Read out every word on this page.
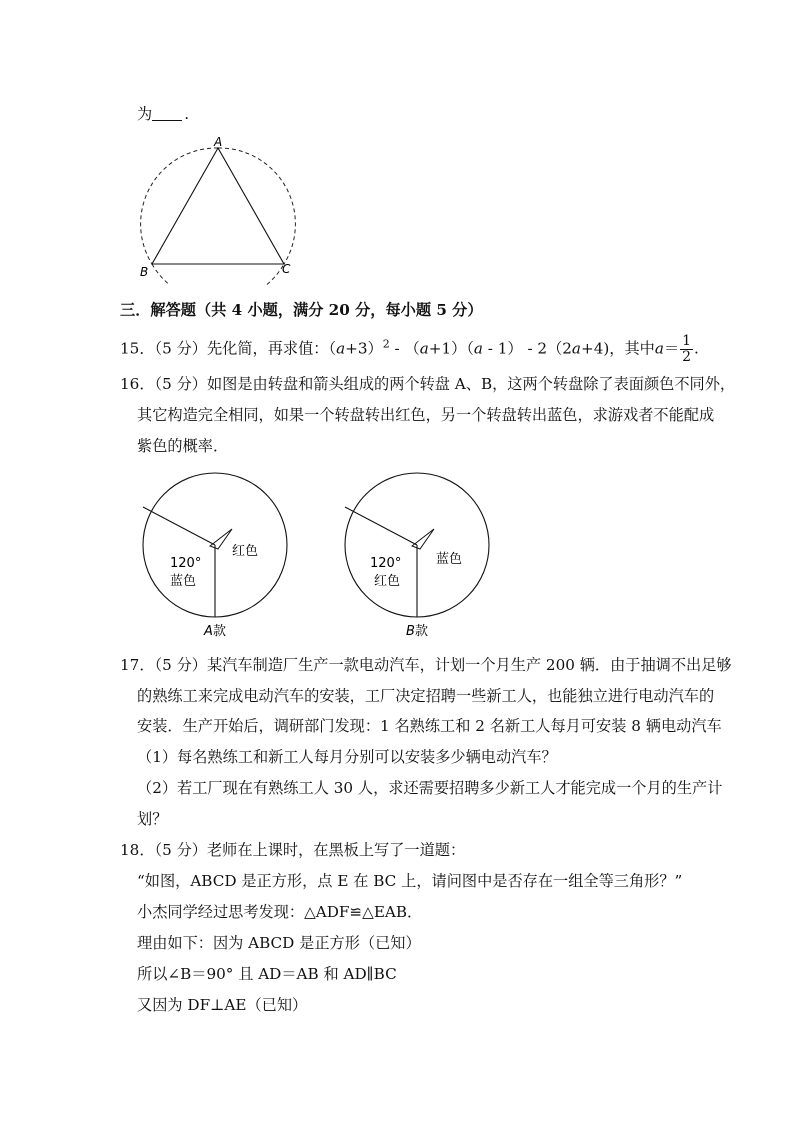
为 .
A
B	C
三．解答题（共 4 小题，满分 20 分，每小题 5 分）
15．（5 分）先化简，再求值：$(a+3)^2 - (a+1)(a - 1) - 2(2a+4)$，其中$a= \frac{1}{2}$ .
16．（5 分）如图是由转盘和箭头组成的两个转盘 A、B，这两个转盘除了表面颜色不同外，
其它构造完全相同，如果一个转盘转出红色，另一个转盘转出蓝色，求游戏者不能配成
紫色的概率．
红色
120°
蓝色
A 款
蓝色
120°
红色
B 款
17．（5 分）某汽车制造厂生产一款电动汽车，计划一个月生产 200 辆．由于抽调不出足够
的熟练工来完成电动汽车的安装，工厂决定招聘一些新工人，也能独立进行电动汽车的
安装．生产开始后，调研部门发现：1 名熟练工和 2 名新工人每月可安装 8 辆电动汽车
（1）每名熟练工和新工人每月分别可以安装多少辆电动汽车？
（2）若工厂现在有熟练工人 30 人，求还需要招聘多少新工人才能完成一个月的生产计
划？
18．（5 分）老师在上课时，在黑板上写了一道题：
“如图，ABCD 是正方形，点 E 在 BC 上，请问图中是否存在一组全等三角形？”
小杰同学经过思考发现：△ADF≌△EAB．
理由如下：因为 ABCD 是正方形（已知）
所以∠B＝90° 且 AD＝AB 和 AD∥BC
又因为 DF⊥AE（已知）
